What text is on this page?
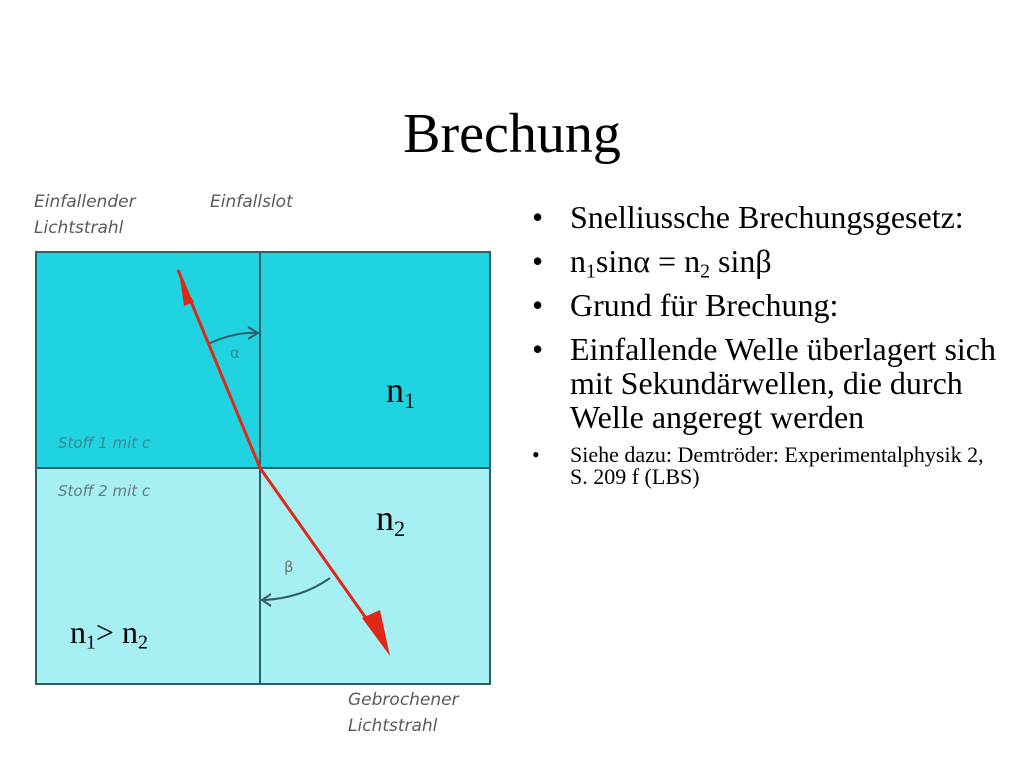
Brechung
Einfallender
Lichtstrahl
Einfallslot
Stoff 1 mit c
Stoff 2 mit c
α
β
Gebrochener
Lichtstrahl
$n_1$
$n_2$
$n_1> n_2$
• Snelliussche Brechungsgesetz:
• $n_1\sin\alpha = n_2$ sinβ
• Grund für Brechung:
• Einfallende Welle überlagert sich mit Sekundärwellen, die durch Welle angeregt werden
• Siehe dazu: Demtröder: Experimentalphysik 2, S. 209 f (LBS)
